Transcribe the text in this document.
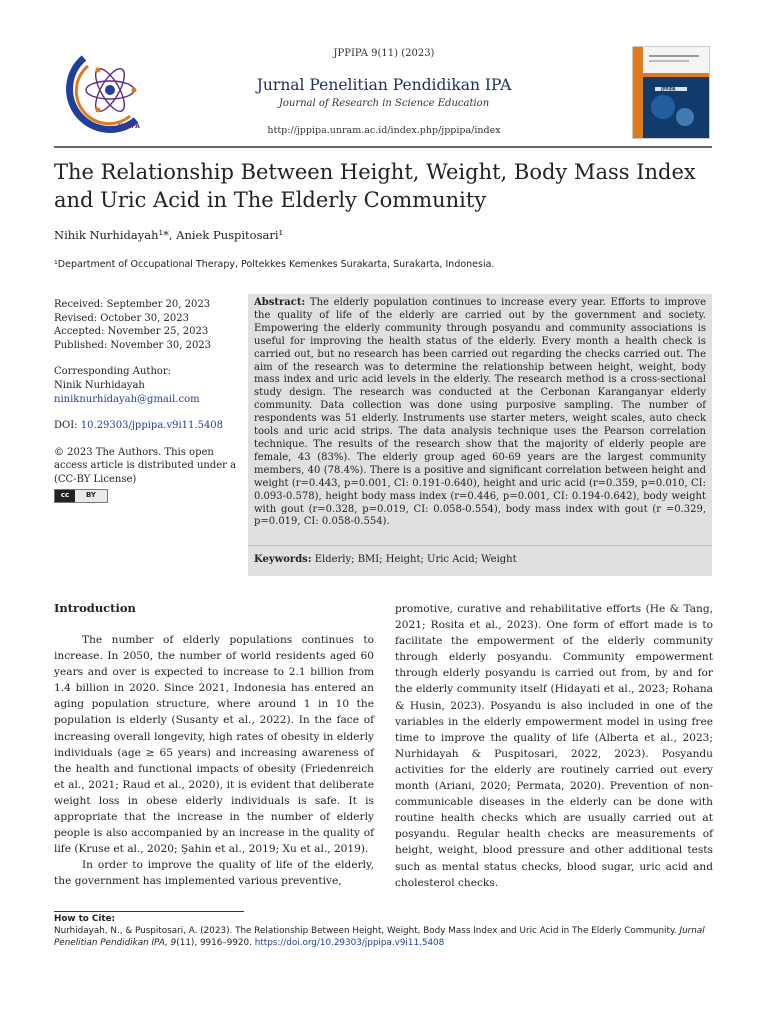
JPPIPA
JPPIPA 9(11) (2023)
Jurnal Penelitian Pendidikan IPA
Journal of Research in Science Education
http://jppipa.unram.ac.id/index.php/jppipa/index
JPPIPA
The Relationship Between Height, Weight, Body Mass Index and Uric Acid in The Elderly Community
Nihik Nurhidayah¹*, Aniek Puspitosari¹
¹Department of Occupational Therapy, Poltekkes Kemenkes Surakarta, Surakarta, Indonesia.
Received: September 20, 2023
Revised: October 30, 2023
Accepted: November 25, 2023
Published: November 30, 2023
Corresponding Author:
Ninik Nurhidayah
niniknurhidayah@gmail.com
DOI: 10.29303/jppipa.v9i11.5408
© 2023 The Authors. This open access article is distributed under a (CC-BY License)
cc	BY
Abstract: The elderly population continues to increase every year. Efforts to improve the quality of life of the elderly are carried out by the government and society. Empowering the elderly community through posyandu and community associations is useful for improving the health status of the elderly. Every month a health check is carried out, but no research has been carried out regarding the checks carried out. The aim of the research was to determine the relationship between height, weight, body mass index and uric acid levels in the elderly. The research method is a cross-sectional study design. The research was conducted at the Cerbonan Karanganyar elderly community. Data collection was done using purposive sampling. The number of respondents was 51 elderly. Instruments use starter meters, weight scales, auto check tools and uric acid strips. The data analysis technique uses the Pearson correlation technique. The results of the research show that the majority of elderly people are female, 43 (83%). The elderly group aged 60-69 years are the largest community members, 40 (78.4%). There is a positive and significant correlation between height and weight (r=0.443, p=0.001, CI: 0.191-0.640), height and uric acid (r=0.359, p=0.010, CI: 0.093-0.578), height body mass index (r=0.446, p=0.001, CI: 0.194-0.642), body weight with gout (r=0.328, p=0.019, CI: 0.058-0.554), body mass index with gout (r =0.329, p=0.019, CI: 0.058-0.554).
Keywords: Elderly; BMI; Height; Uric Acid; Weight
Introduction

The number of elderly populations continues to increase. In 2050, the number of world residents aged 60 years and over is expected to increase to 2.1 billion from 1.4 billion in 2020. Since 2021, Indonesia has entered an aging population structure, where around 1 in 10 the population is elderly (Susanty et al., 2022). In the face of increasing overall longevity, high rates of obesity in elderly individuals (age ≥ 65 years) and increasing awareness of the health and functional impacts of obesity (Friedenreich et al., 2021; Raud et al., 2020), it is evident that deliberate weight loss in obese elderly individuals is safe. It is appropriate that the increase in the number of elderly people is also accompanied by an increase in the quality of life (Kruse et al., 2020; Şahin et al., 2019; Xu et al., 2019).

In order to improve the quality of life of the elderly, the government has implemented various preventive,

promotive, curative and rehabilitative efforts (He & Tang, 2021; Rosita et al., 2023). One form of effort made is to facilitate the empowerment of the elderly community through elderly posyandu. Community empowerment through elderly posyandu is carried out from, by and for the elderly community itself (Hidayati et al., 2023; Rohana & Husin, 2023). Posyandu is also included in one of the variables in the elderly empowerment model in using free time to improve the quality of life (Alberta et al., 2023; Nurhidayah & Puspitosari, 2022, 2023). Posyandu activities for the elderly are routinely carried out every month (Ariani, 2020; Permata, 2020). Prevention of non-communicable diseases in the elderly can be done with routine health checks which are usually carried out at posyandu. Regular health checks are measurements of height, weight, blood pressure and other additional tests such as mental status checks, blood sugar, uric acid and cholesterol checks.

How to Cite:
Nurhidayah, N., & Puspitosari, A. (2023). The Relationship Between Height, Weight, Body Mass Index and Uric Acid in The Elderly Community. Jurnal Penelitian Pendidikan IPA, 9(11), 9916–9920. https://doi.org/10.29303/jppipa.v9i11.5408
